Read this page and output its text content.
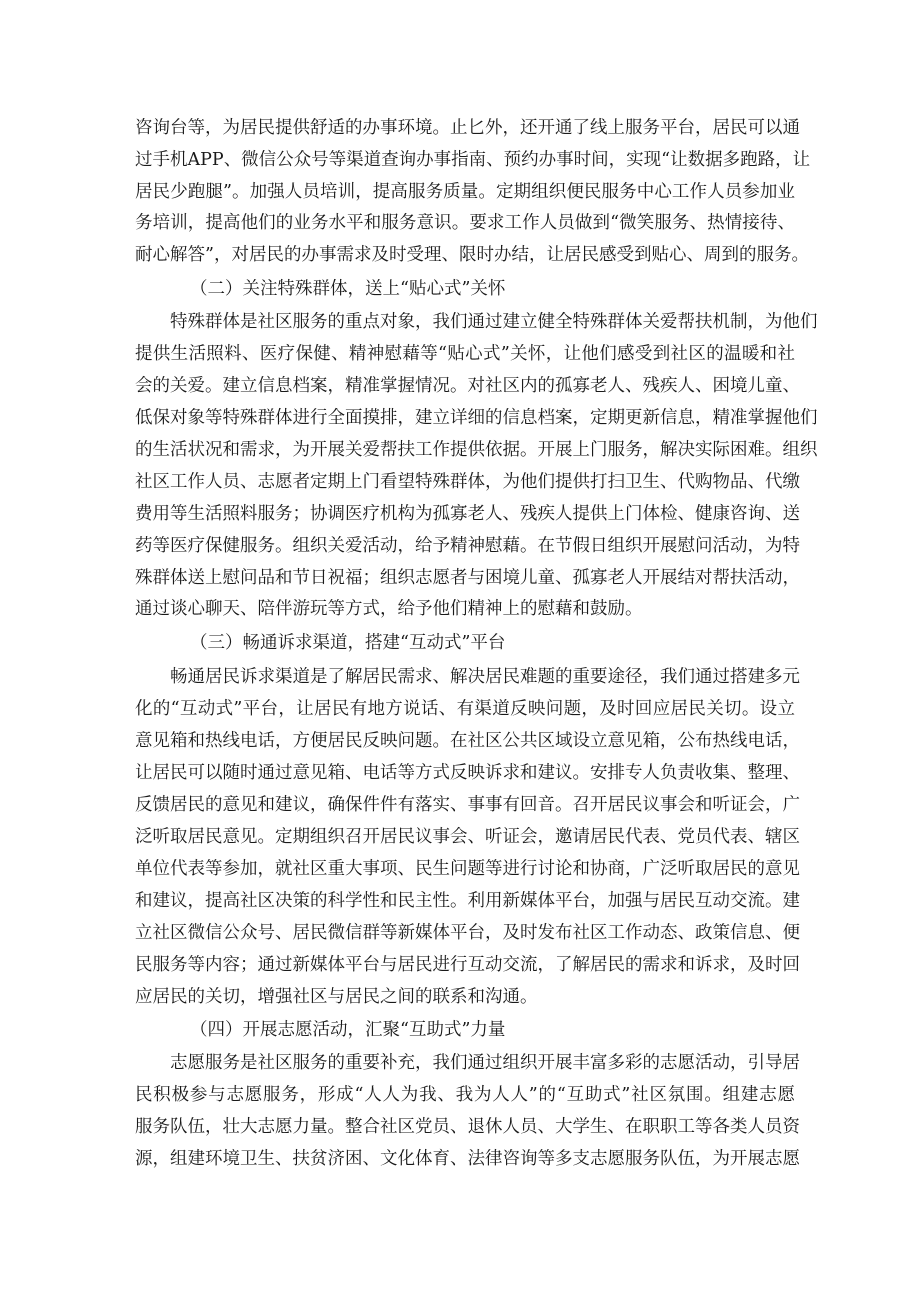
咨询台等，为居民提供舒适的办事环境。止匕外，还开通了线上服务平台，居民可以通
过手机APP、微信公众号等渠道查询办事指南、预约办事时间，实现“让数据多跑路，让
居民少跑腿”。加强人员培训，提高服务质量。定期组织便民服务中心工作人员参加业
务培训，提高他们的业务水平和服务意识。要求工作人员做到“微笑服务、热情接待、
耐心解答”，对居民的办事需求及时受理、限时办结，让居民感受到贴心、周到的服务。
（二）关注特殊群体，送上“贴心式”关怀
特殊群体是社区服务的重点对象，我们通过建立健全特殊群体关爱帮扶机制，为他们
提供生活照料、医疗保健、精神慰藉等“贴心式”关怀，让他们感受到社区的温暖和社
会的关爱。建立信息档案，精准掌握情况。对社区内的孤寡老人、残疾人、困境儿童、
低保对象等特殊群体进行全面摸排，建立详细的信息档案，定期更新信息，精准掌握他们
的生活状况和需求，为开展关爱帮扶工作提供依据。开展上门服务，解决实际困难。组织
社区工作人员、志愿者定期上门看望特殊群体，为他们提供打扫卫生、代购物品、代缴
费用等生活照料服务；协调医疗机构为孤寡老人、残疾人提供上门体检、健康咨询、送
药等医疗保健服务。组织关爱活动，给予精神慰藉。在节假日组织开展慰问活动，为特
殊群体送上慰问品和节日祝福；组织志愿者与困境儿童、孤寡老人开展结对帮扶活动，
通过谈心聊天、陪伴游玩等方式，给予他们精神上的慰藉和鼓励。
（三）畅通诉求渠道，搭建“互动式”平台
畅通居民诉求渠道是了解居民需求、解决居民难题的重要途径，我们通过搭建多元
化的“互动式”平台，让居民有地方说话、有渠道反映问题，及时回应居民关切。设立
意见箱和热线电话，方便居民反映问题。在社区公共区域设立意见箱，公布热线电话，
让居民可以随时通过意见箱、电话等方式反映诉求和建议。安排专人负责收集、整理、
反馈居民的意见和建议，确保件件有落实、事事有回音。召开居民议事会和听证会，广
泛听取居民意见。定期组织召开居民议事会、听证会，邀请居民代表、党员代表、辖区
单位代表等参加，就社区重大事项、民生问题等进行讨论和协商，广泛听取居民的意见
和建议，提高社区决策的科学性和民主性。利用新媒体平台，加强与居民互动交流。建
立社区微信公众号、居民微信群等新媒体平台，及时发布社区工作动态、政策信息、便
民服务等内容；通过新媒体平台与居民进行互动交流，了解居民的需求和诉求，及时回
应居民的关切，增强社区与居民之间的联系和沟通。
（四）开展志愿活动，汇聚“互助式”力量
志愿服务是社区服务的重要补充，我们通过组织开展丰富多彩的志愿活动，引导居
民积极参与志愿服务，形成“人人为我、我为人人”的“互助式”社区氛围。组建志愿
服务队伍，壮大志愿力量。整合社区党员、退休人员、大学生、在职职工等各类人员资
源，组建环境卫生、扶贫济困、文化体育、法律咨询等多支志愿服务队伍，为开展志愿
